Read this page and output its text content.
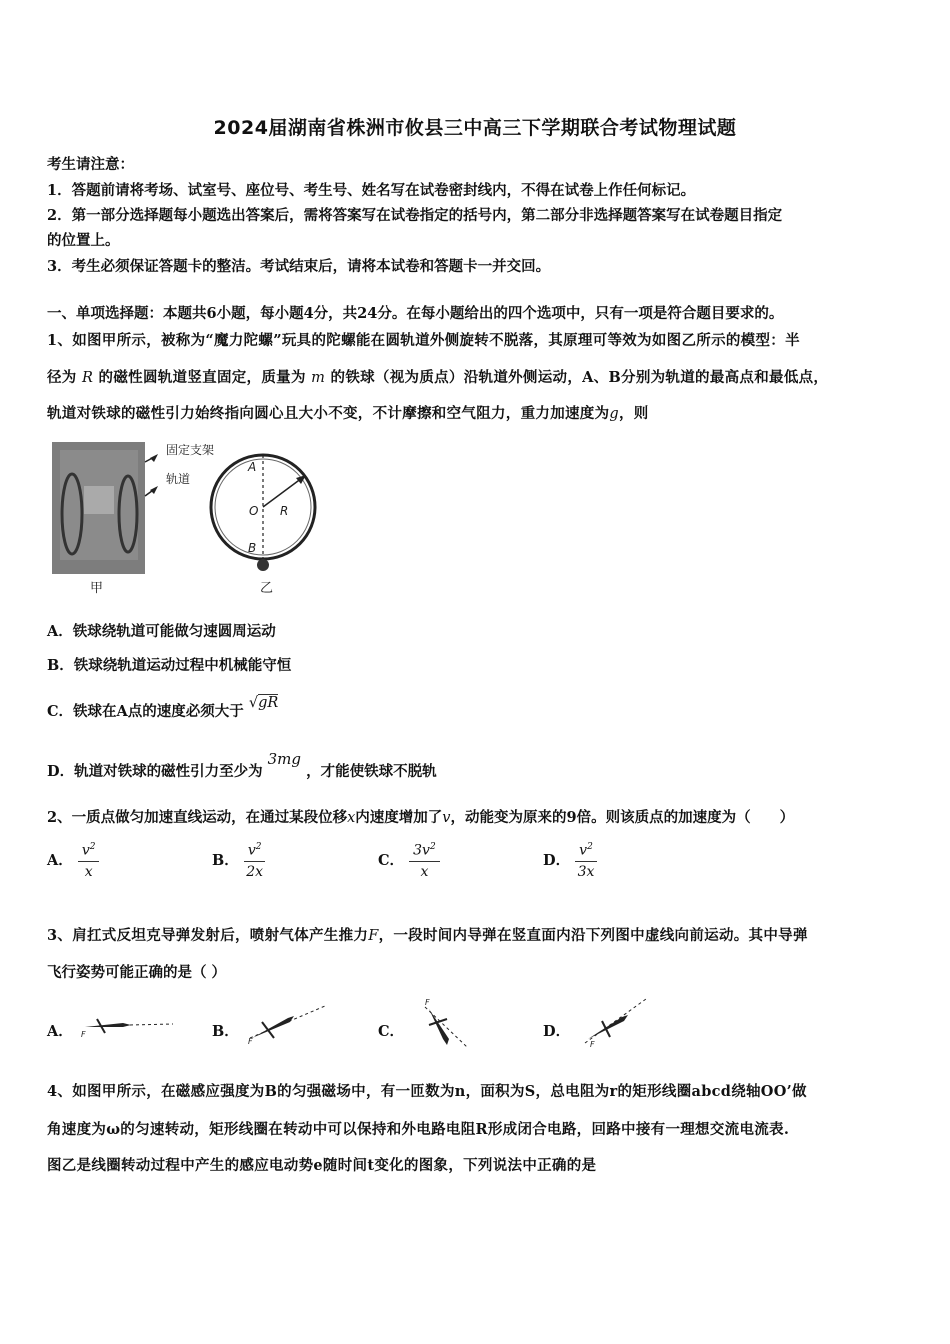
2024届湖南省株洲市攸县三中高三下学期联合考试物理试题
考生请注意：
1．答题前请将考场、试室号、座位号、考生号、姓名写在试卷密封线内，不得在试卷上作任何标记。
2．第一部分选择题每小题选出答案后，需将答案写在试卷指定的括号内，第二部分非选择题答案写在试卷题目指定
的位置上。
3．考生必须保证答题卡的整洁。考试结束后，请将本试卷和答题卡一并交回。
一、单项选择题：本题共6小题，每小题4分，共24分。在每小题给出的四个选项中，只有一项是符合题目要求的。
1、如图甲所示，被称为“魔力陀螺”玩具的陀螺能在圆轨道外侧旋转不脱落，其原理可等效为如图乙所示的模型：半
径为 R 的磁性圆轨道竖直固定，质量为 m 的铁球（视为质点）沿轨道外侧运动，A、B分别为轨道的最高点和最低点，
轨道对铁球的磁性引力始终指向圆心且大小不变，不计摩擦和空气阻力，重力加速度为g，则
固定支架
轨道
甲
A
O R
B
乙
A．铁球绕轨道可能做匀速圆周运动
B．铁球绕轨道运动过程中机械能守恒
C．铁球在A点的速度必须大于 √gR
D．轨道对铁球的磁性引力至少为 3mg ，才能使铁球不脱轨
2、一质点做匀加速直线运动，在通过某段位移x内速度增加了v，动能变为原来的9倍。则该质点的加速度为（　　）
A． $\frac{v^2}{x}$	B． $\frac{v^2}{2x}$	C． $\frac{3v^2}{x}$	D． $\frac{v^2}{3x}$
3、肩扛式反坦克导弹发射后，喷射气体产生推力F，一段时间内导弹在竖直面内沿下列图中虚线向前运动。其中导弹
飞行姿势可能正确的是（ ）
A． F	B．
F
C．
F
D．
F
4、如图甲所示，在磁感应强度为B的匀强磁场中，有一匝数为n，面积为S，总电阻为r的矩形线圈abcd绕轴OO’做
角速度为ω的匀速转动，矩形线圈在转动中可以保持和外电路电阻R形成闭合电路，回路中接有一理想交流电流表.
图乙是线圈转动过程中产生的感应电动势e随时间t变化的图象，下列说法中正确的是
